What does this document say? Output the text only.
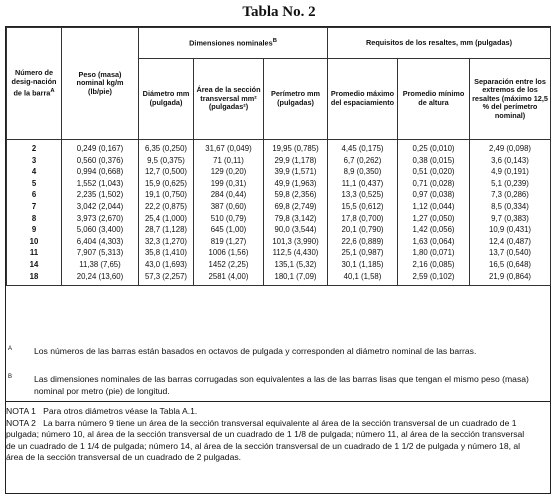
Tabla No. 2
Número de desig-nación de la barra$^A$	Peso (masa) nominal kg/m (lb/pie)	Dimensiones nominales$^B$			Requisitos de los resaltes, mm (pulgadas)		
		Diámetro mm (pulgada)	Área de la sección transversal mm² (pulgadas²)	Perímetro mm (pulgadas)	Promedio máximo del espaciamiento	Promedio mínimo de altura	Separación entre los extremos de los resaltes (máximo 12,5 % del perímetro nominal)
2	0,249 (0,167)	6,35 (0,250)	31,67 (0,049)	19,95 (0,785)	4,45 (0,175)	0,25 (0,010)	2,49 (0,098)
3	0,560 (0,376)	9,5 (0,375)	71 (0,11)	29,9 (1,178)	6,7 (0,262)	0,38 (0,015)	3,6 (0,143)
4	0,994 (0,668)	12,7 (0,500)	129 (0,20)	39,9 (1,571)	8,9 (0,350)	0,51 (0,020)	4,9 (0,191)
5	1,552 (1,043)	15,9 (0,625)	199 (0,31)	49,9 (1,963)	11,1 (0,437)	0,71 (0,028)	5,1 (0,239)
6	2,235 (1,502)	19,1 (0,750)	284 (0,44)	59,8 (2,356)	13,3 (0,525)	0,97 (0,038)	7,3 (0,286)
7	3,042 (2,044)	22,2 (0,875)	387 (0,60)	69,8 (2,749)	15,5 (0,612)	1,12 (0,044)	8,5 (0,334)
8	3,973 (2,670)	25,4 (1,000)	510 (0,79)	79,8 (3,142)	17,8 (0,700)	1,27 (0,050)	9,7 (0,383)
9	5,060 (3,400)	28,7 (1,128)	645 (1,00)	90,0 (3,544)	20,1 (0,790)	1,42 (0,056)	10,9 (0,431)
10	6,404 (4,303)	32,3 (1,270)	819 (1,27)	101,3 (3,990)	22,6 (0,889)	1,63 (0,064)	12,4 (0,487)
11	7,907 (5,313)	35,8 (1,410)	1006 (1,56)	112,5 (4,430)	25,1 (0,987)	1,80 (0,071)	13,7 (0,540)
14	11,38 (7,65)	43,0 (1,693)	1452 (2,25)	135,1 (5,32)	30,1 (1,185)	2,16 (0,085)	16,5 (0,648)
18	20,24 (13,60)	57,3 (2,257)	2581 (4,00)	180,1 (7,09)	40,1 (1,58)	2,59 (0,102)	21,9 (0,864)
A	Los números de las barras están basados en octavos de pulgada y corresponden al diámetro nominal de las barras.
B	Las dimensiones nominales de las barras corrugadas son equivalentes a las de las barras lisas que tengan el mismo peso (masa) nominal por metro (pie) de longitud.
NOTA 1 Para otros diámetros véase la Tabla A.1.
NOTA 2 La barra número 9 tiene un área de la sección transversal equivalente al área de la sección transversal de un cuadrado de 1 pulgada; número 10, al área de la sección transversal de un cuadrado de 1 1/8 de pulgada; número 11, al área de la sección transversal de un cuadrado de 1 1/4 de pulgada; número 14, al área de la sección transversal de un cuadrado de 1 1/2 de pulgada y número 18, al área de la sección transversal de un cuadrado de 2 pulgadas.
